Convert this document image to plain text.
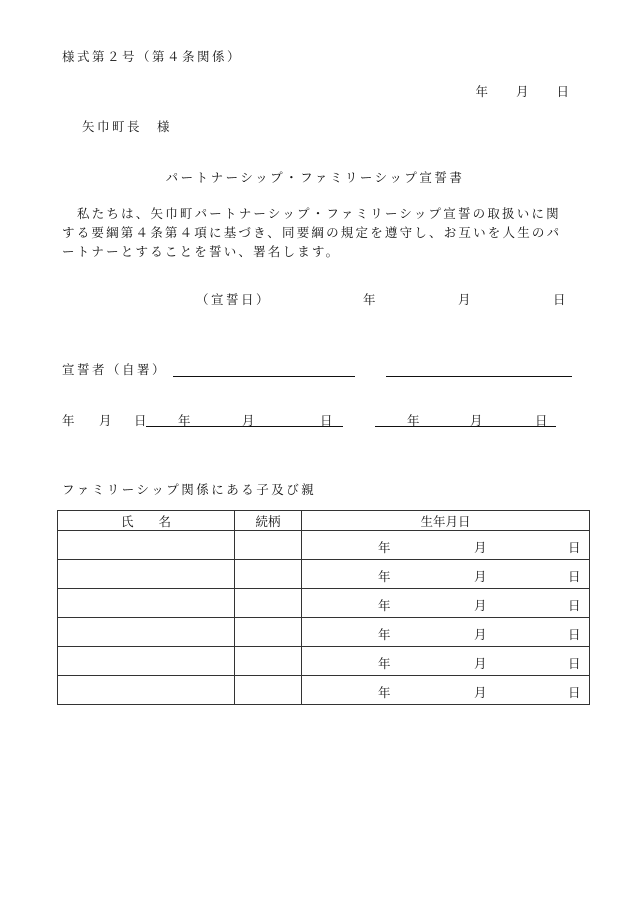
様式第２号（第４条関係）
年 月 日
矢巾町長　様
パートナーシップ・ファミリーシップ宣誓書
私たちは、矢巾町パートナーシップ・ファミリーシップ宣誓の取扱いに関する要綱第４条第４項に基づき、同要綱の規定を遵守し、お互いを人生のパートナーとすることを誓い、署名します。
（宣誓日）	年	月	日
宣誓者（自署）
年 月 日	年	月	日	年	月	日
ファミリーシップ関係にある子及び親
氏　　名	続柄	生年月日

		年 月 日

		年 月 日

		年 月 日

		年 月 日

		年 月 日

		年 月 日
